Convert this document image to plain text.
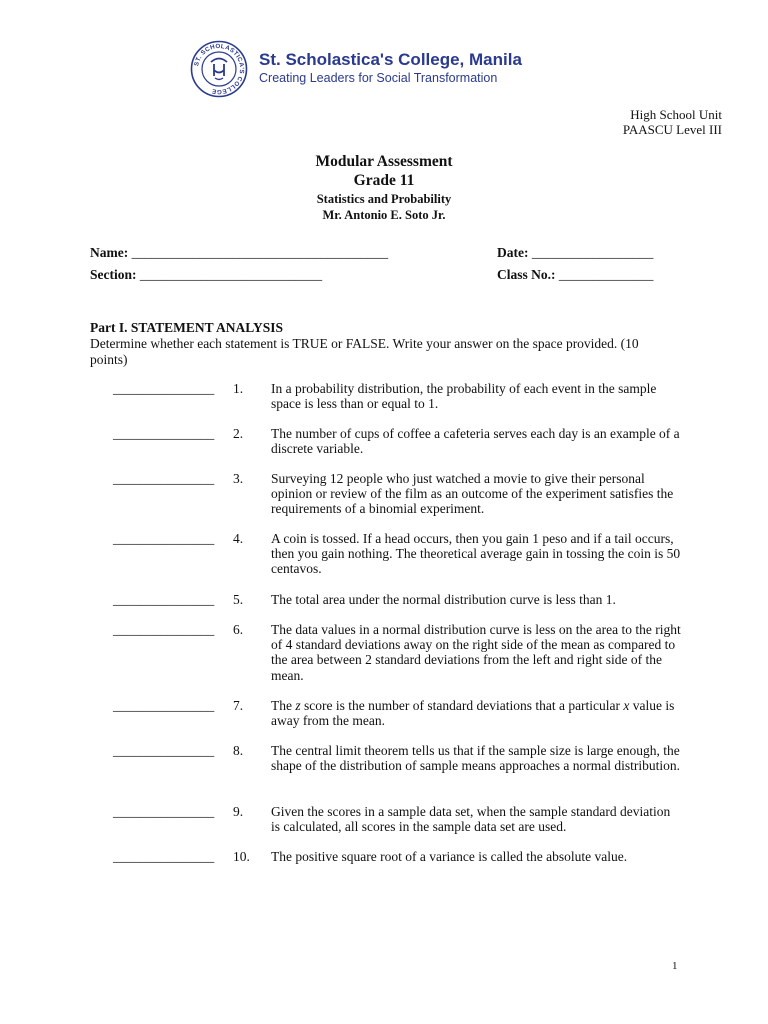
ST. SCHOLASTICA'S COLLEGE
St. Scholastica's College, Manila
Creating Leaders for Social Transformation
High School Unit
PAASCU Level III
Modular Assessment
Grade 11
Statistics and Probability
Mr. Antonio E. Soto Jr.
Name: ______________________________________	Date: __________________
Section: ___________________________	Class No.: ______________
Part I. STATEMENT ANALYSIS
Determine whether each statement is TRUE or FALSE. Write your answer on the space provided. (10 points)
_______________ 1. In a probability distribution, the probability of each event in the sample space is less than or equal to 1.
_______________ 2. The number of cups of coffee a cafeteria serves each day is an example of a discrete variable.
_______________ 3. Surveying 12 people who just watched a movie to give their personal opinion or review of the film as an outcome of the experiment satisfies the requirements of a binomial experiment.
_______________ 4. A coin is tossed. If a head occurs, then you gain 1 peso and if a tail occurs, then you gain nothing. The theoretical average gain in tossing the coin is 50 centavos.
_______________ 5. The total area under the normal distribution curve is less than 1.
_______________ 6. The data values in a normal distribution curve is less on the area to the right of 4 standard deviations away on the right side of the mean as compared to the area between 2 standard deviations from the left and right side of the mean.
_______________ 7. The z score is the number of standard deviations that a particular x value is away from the mean.
_______________ 8. The central limit theorem tells us that if the sample size is large enough, the shape of the distribution of sample means approaches a normal distribution.
_______________ 9. Given the scores in a sample data set, when the sample standard deviation is calculated, all scores in the sample data set are used.
_______________ 10. The positive square root of a variance is called the absolute value.
1
